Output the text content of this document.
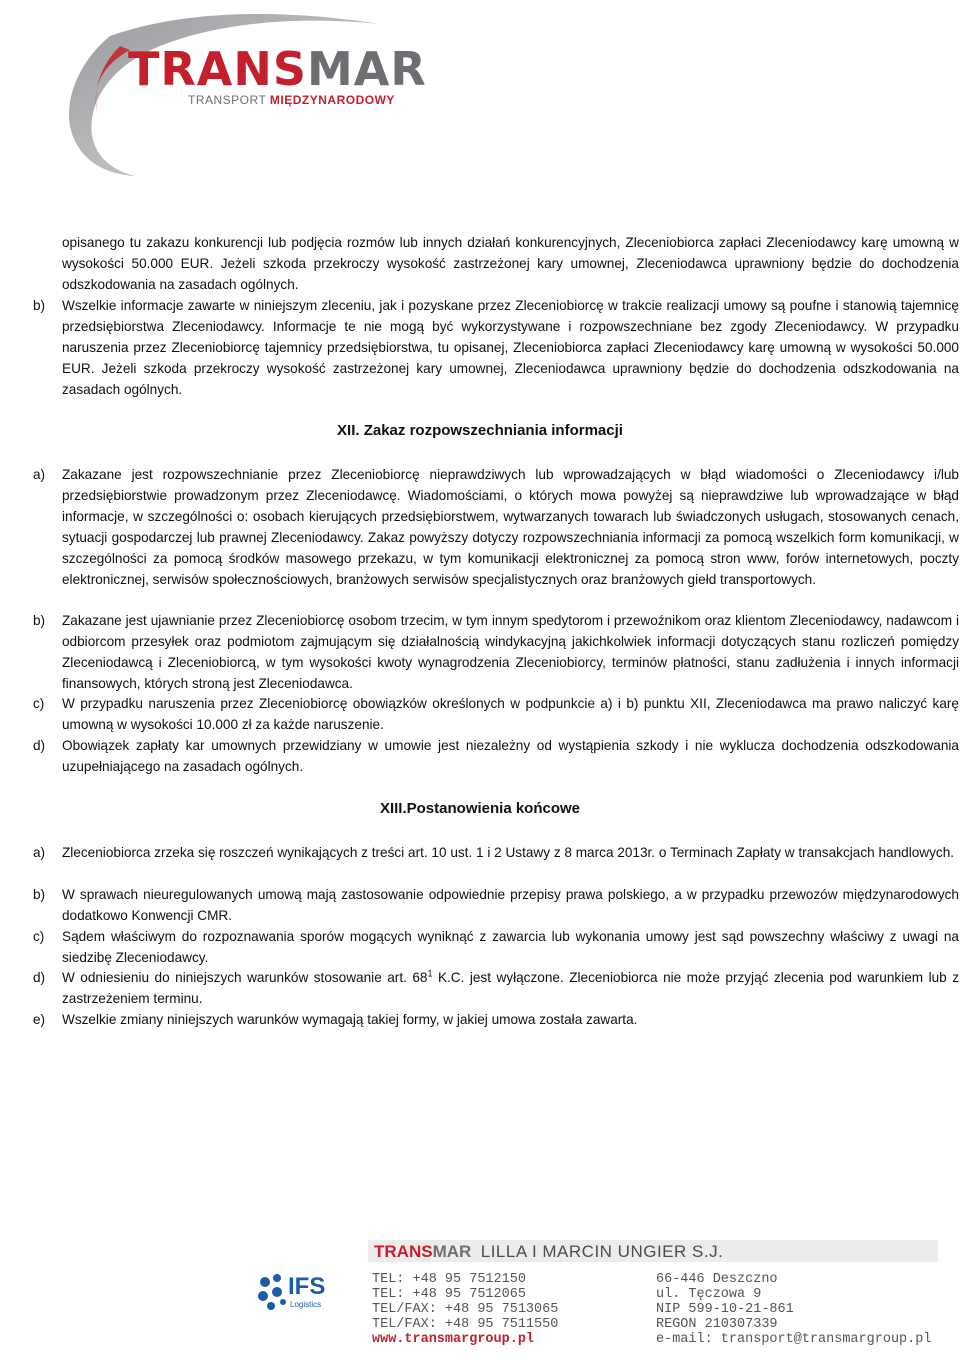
TRANSMAR
TRANSPORT MIĘDZYNARODOWY

opisanego tu zakazu konkurencji lub podjęcia rozmów lub innych działań konkurencyjnych, Zleceniobiorca zapłaci Zleceniodawcy karę umowną w wysokości 50.000 EUR. Jeżeli szkoda przekroczy wysokość zastrzeżonej kary umownej, Zleceniodawca uprawniony będzie do dochodzenia odszkodowania na zasadach ogólnych.

b) Wszelkie informacje zawarte w niniejszym zleceniu, jak i pozyskane przez Zleceniobiorcę w trakcie realizacji umowy są poufne i stanowią tajemnicę przedsiębiorstwa Zleceniodawcy. Informacje te nie mogą być wykorzystywane i rozpowszechniane bez zgody Zleceniodawcy. W przypadku naruszenia przez Zleceniobiorcę tajemnicy przedsiębiorstwa, tu opisanej, Zleceniobiorca zapłaci Zleceniodawcy karę umowną w wysokości 50.000 EUR. Jeżeli szkoda przekroczy wysokość zastrzeżonej kary umownej, Zleceniodawca uprawniony będzie do dochodzenia odszkodowania na zasadach ogólnych.

XII. Zakaz rozpowszechniania informacji
a) Zakazane jest rozpowszechnianie przez Zleceniobiorcę nieprawdziwych lub wprowadzających w błąd wiadomości o Zleceniodawcy i/lub przedsiębiorstwie prowadzonym przez Zleceniodawcę. Wiadomościami, o których mowa powyżej są nieprawdziwe lub wprowadzające w błąd informacje, w szczególności o: osobach kierujących przedsiębiorstwem, wytwarzanych towarach lub świadczonych usługach, stosowanych cenach, sytuacji gospodarczej lub prawnej Zleceniodawcy. Zakaz powyższy dotyczy rozpowszechniania informacji za pomocą wszelkich form komunikacji, w szczególności za pomocą środków masowego przekazu, w tym komunikacji elektronicznej za pomocą stron www, forów internetowych, poczty elektronicznej, serwisów społecznościowych, branżowych serwisów specjalistycznych oraz branżowych giełd transportowych.

b) Zakazane jest ujawnianie przez Zleceniobiorcę osobom trzecim, w tym innym spedytorom i przewoźnikom oraz klientom Zleceniodawcy, nadawcom i odbiorcom przesyłek oraz podmiotom zajmującym się działalnością windykacyjną jakichkolwiek informacji dotyczących stanu rozliczeń pomiędzy Zleceniodawcą i Zleceniobiorcą, w tym wysokości kwoty wynagrodzenia Zleceniobiorcy, terminów płatności, stanu zadłużenia i innych informacji finansowych, których stroną jest Zleceniodawca.

c) W przypadku naruszenia przez Zleceniobiorcę obowiązków określonych w podpunkcie a) i b) punktu XII, Zleceniodawca ma prawo naliczyć karę umowną w wysokości 10.000 zł za każde naruszenie.

d) Obowiązek zapłaty kar umownych przewidziany w umowie jest niezależny od wystąpienia szkody i nie wyklucza dochodzenia odszkodowania uzupełniającego na zasadach ogólnych.

XIII.Postanowienia końcowe
a) Zleceniobiorca zrzeka się roszczeń wynikających z treści art. 10 ust. 1 i 2 Ustawy z 8 marca 2013r. o Terminach Zapłaty w transakcjach handlowych.

b) W sprawach nieuregulowanych umową mają zastosowanie odpowiednie przepisy prawa polskiego, a w przypadku przewozów międzynarodowych dodatkowo Konwencji CMR.

c) Sądem właściwym do rozpoznawania sporów mogących wyniknąć z zawarcia lub wykonania umowy jest sąd powszechny właściwy z uwagi na siedzibę Zleceniodawcy.

d) W odniesieniu do niniejszych warunków stosowanie art. $68^1$ K.C. jest wyłączone. Zleceniobiorca nie może przyjąć zlecenia pod warunkiem lub z zastrzeżeniem terminu.

e) Wszelkie zmiany niniejszych warunków wymagają takiej formy, w jakiej umowa została zawarta.

TRANSMAR LILLA I MARCIN UNGIER S.J.
IFS
Logistics
TEL: +48 95 7512150
TEL: +48 95 7512065
TEL/FAX: +48 95 7513065
TEL/FAX: +48 95 7511550
www.transmargroup.pl
66-446 Deszczno
ul. Tęczowa 9
NIP 599-10-21-861
REGON 210307339
e-mail: transport@transmargroup.pl
